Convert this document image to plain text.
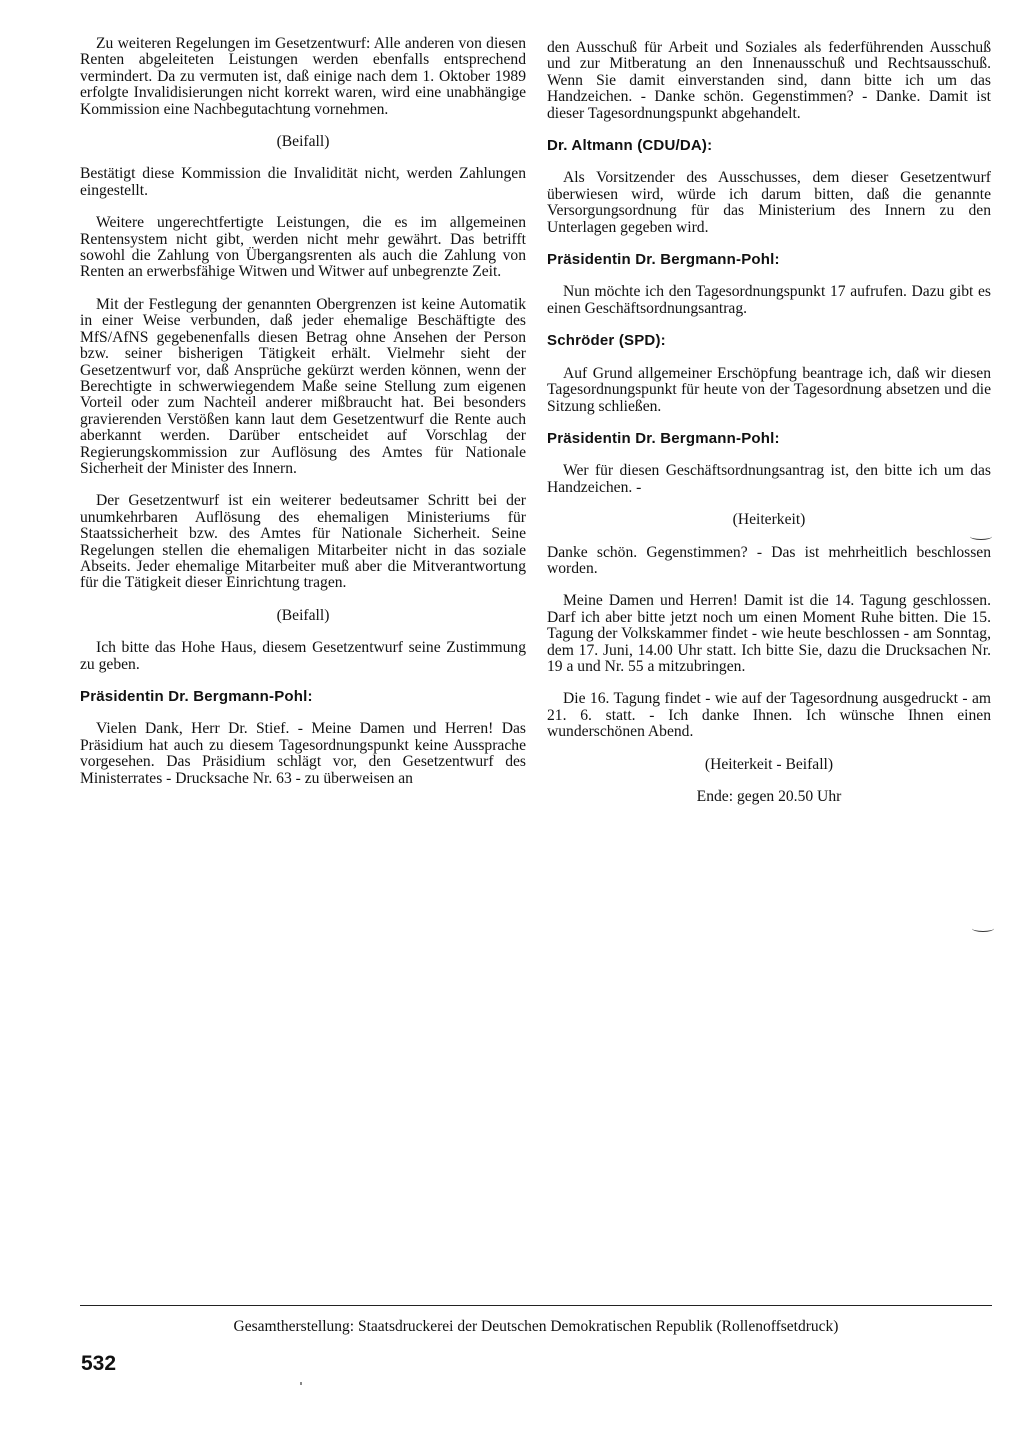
Zu weiteren Regelungen im Gesetzentwurf: Alle anderen von diesen Renten abgeleiteten Leistungen werden ebenfalls entsprechend vermindert. Da zu vermuten ist, daß einige nach dem 1. Oktober 1989 erfolgte Invalidisierungen nicht korrekt waren, wird eine unabhängige Kommission eine Nachbegutachtung vornehmen.

(Beifall)

Bestätigt diese Kommission die Invalidität nicht, werden Zahlungen eingestellt.

Weitere ungerechtfertigte Leistungen, die es im allgemeinen Rentensystem nicht gibt, werden nicht mehr gewährt. Das betrifft sowohl die Zahlung von Übergangsrenten als auch die Zahlung von Renten an erwerbsfähige Witwen und Witwer auf unbegrenzte Zeit.

Mit der Festlegung der genannten Obergrenzen ist keine Automatik in einer Weise verbunden, daß jeder ehemalige Beschäftigte des MfS/AfNS gegebenenfalls diesen Betrag ohne Ansehen der Person bzw. seiner bisherigen Tätigkeit erhält. Vielmehr sieht der Gesetzentwurf vor, daß Ansprüche gekürzt werden können, wenn der Berechtigte in schwerwiegendem Maße seine Stellung zum eigenen Vorteil oder zum Nachteil anderer mißbraucht hat. Bei besonders gravierenden Verstößen kann laut dem Gesetzentwurf die Rente auch aberkannt werden. Darüber entscheidet auf Vorschlag der Regierungskommission zur Auflösung des Amtes für Nationale Sicherheit der Minister des Innern.

Der Gesetzentwurf ist ein weiterer bedeutsamer Schritt bei der unumkehrbaren Auflösung des ehemaligen Ministeriums für Staatssicherheit bzw. des Amtes für Nationale Sicherheit. Seine Regelungen stellen die ehemaligen Mitarbeiter nicht in das soziale Abseits. Jeder ehemalige Mitarbeiter muß aber die Mitverantwortung für die Tätigkeit dieser Einrichtung tragen.

(Beifall)

Ich bitte das Hohe Haus, diesem Gesetzentwurf seine Zustimmung zu geben.

Präsidentin Dr. Bergmann-Pohl:

Vielen Dank, Herr Dr. Stief. - Meine Damen und Herren! Das Präsidium hat auch zu diesem Tagesordnungspunkt keine Aussprache vorgesehen. Das Präsidium schlägt vor, den Gesetzentwurf des Ministerrates - Drucksache Nr. 63 - zu überweisen an

den Ausschuß für Arbeit und Soziales als federführenden Ausschuß und zur Mitberatung an den Innenausschuß und Rechtsausschuß. Wenn Sie damit einverstanden sind, dann bitte ich um das Handzeichen. - Danke schön. Gegenstimmen? - Danke. Damit ist dieser Tagesordnungspunkt abgehandelt.

Dr. Altmann (CDU/DA):

Als Vorsitzender des Ausschusses, dem dieser Gesetzentwurf überwiesen wird, würde ich darum bitten, daß die genannte Versorgungsordnung für das Ministerium des Innern zu den Unterlagen gegeben wird.

Präsidentin Dr. Bergmann-Pohl:

Nun möchte ich den Tagesordnungspunkt 17 aufrufen. Dazu gibt es einen Geschäftsordnungsantrag.

Schröder (SPD):

Auf Grund allgemeiner Erschöpfung beantrage ich, daß wir diesen Tagesordnungspunkt für heute von der Tagesordnung absetzen und die Sitzung schließen.

Präsidentin Dr. Bergmann-Pohl:

Wer für diesen Geschäftsordnungsantrag ist, den bitte ich um das Handzeichen. -

(Heiterkeit)

Danke schön. Gegenstimmen? - Das ist mehrheitlich beschlossen worden.

Meine Damen und Herren! Damit ist die 14. Tagung geschlossen. Darf ich aber bitte jetzt noch um einen Moment Ruhe bitten. Die 15. Tagung der Volkskammer findet - wie heute beschlossen - am Sonntag, dem 17. Juni, 14.00 Uhr statt. Ich bitte Sie, dazu die Drucksachen Nr. 19 a und Nr. 55 a mitzubringen.

Die 16. Tagung findet - wie auf der Tagesordnung ausgedruckt - am 21. 6. statt. - Ich danke Ihnen. Ich wünsche Ihnen einen wunderschönen Abend.

(Heiterkeit - Beifall)

Ende: gegen 20.50 Uhr

Gesamtherstellung: Staatsdruckerei der Deutschen Demokratischen Republik (Rollenoffsetdruck)
532
